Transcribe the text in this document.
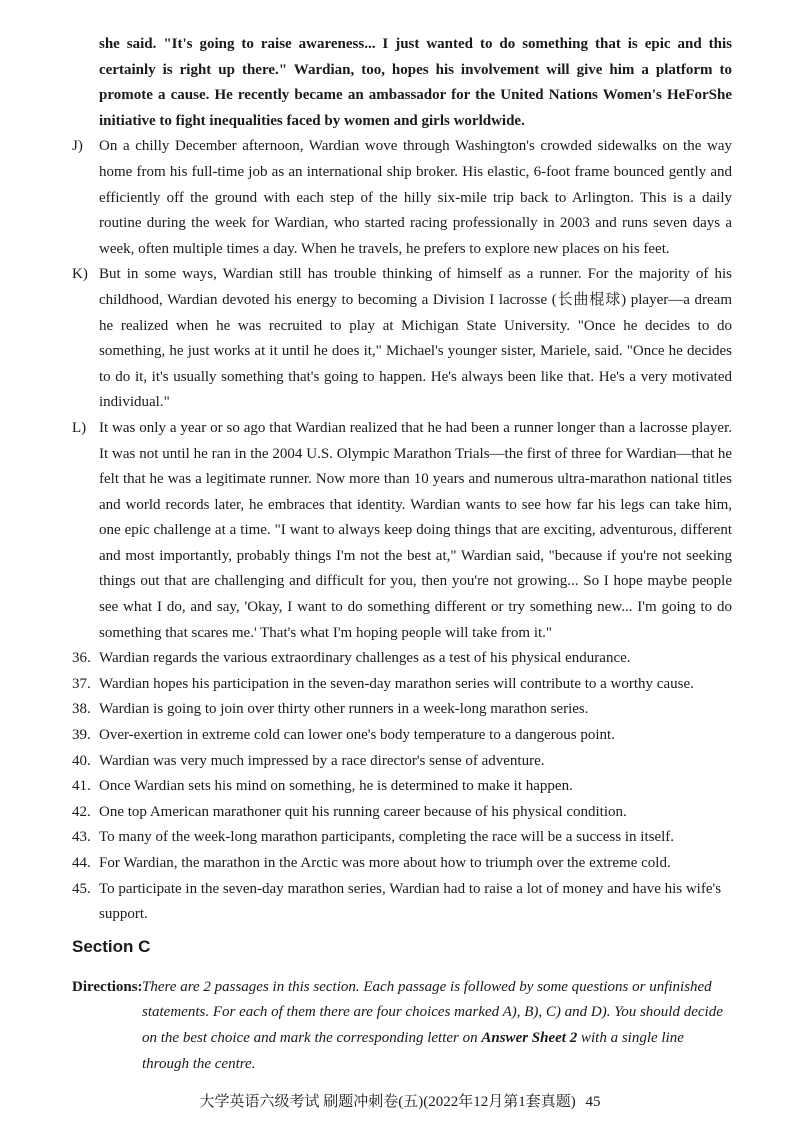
she said. "It's going to raise awareness... I just wanted to do something that is epic and this certainly is right up there." Wardian, too, hopes his involvement will give him a platform to promote a cause. He recently became an ambassador for the United Nations Women's HeForShe initiative to fight inequalities faced by women and girls worldwide.

J) On a chilly December afternoon, Wardian wove through Washington's crowded sidewalks on the way home from his full-time job as an international ship broker. His elastic, 6-foot frame bounced gently and efficiently off the ground with each step of the hilly six-mile trip back to Arlington. This is a daily routine during the week for Wardian, who started racing professionally in 2003 and runs seven days a week, often multiple times a day. When he travels, he prefers to explore new places on his feet.

K) But in some ways, Wardian still has trouble thinking of himself as a runner. For the majority of his childhood, Wardian devoted his energy to becoming a Division I lacrosse (长曲棍球) player—a dream he realized when he was recruited to play at Michigan State University. "Once he decides to do something, he just works at it until he does it," Michael's younger sister, Mariele, said. "Once he decides to do it, it's usually something that's going to happen. He's always been like that. He's a very motivated individual."

L) It was only a year or so ago that Wardian realized that he had been a runner longer than a lacrosse player. It was not until he ran in the 2004 U.S. Olympic Marathon Trials—the first of three for Wardian—that he felt that he was a legitimate runner. Now more than 10 years and numerous ultra-marathon national titles and world records later, he embraces that identity. Wardian wants to see how far his legs can take him, one epic challenge at a time. "I want to always keep doing things that are exciting, adventurous, different and most importantly, probably things I'm not the best at," Wardian said, "because if you're not seeking things out that are challenging and difficult for you, then you're not growing... So I hope maybe people see what I do, and say, 'Okay, I want to do something different or try something new... I'm going to do something that scares me.' That's what I'm hoping people will take from it."

36. Wardian regards the various extraordinary challenges as a test of his physical endurance.

37. Wardian hopes his participation in the seven-day marathon series will contribute to a worthy cause.

38. Wardian is going to join over thirty other runners in a week-long marathon series.

39. Over-exertion in extreme cold can lower one's body temperature to a dangerous point.

40. Wardian was very much impressed by a race director's sense of adventure.

41. Once Wardian sets his mind on something, he is determined to make it happen.

42. One top American marathoner quit his running career because of his physical condition.

43. To many of the week-long marathon participants, completing the race will be a success in itself.

44. For Wardian, the marathon in the Arctic was more about how to triumph over the extreme cold.

45. To participate in the seven-day marathon series, Wardian had to raise a lot of money and have his wife's support.

Section C

Directions: There are 2 passages in this section. Each passage is followed by some questions or unfinished statements. For each of them there are four choices marked A), B), C) and D). You should decide on the best choice and mark the corresponding letter on Answer Sheet 2 with a single line through the centre.

大学英语六级考试 刷题冲刺卷(五)(2022年12月第1套真题) 45
